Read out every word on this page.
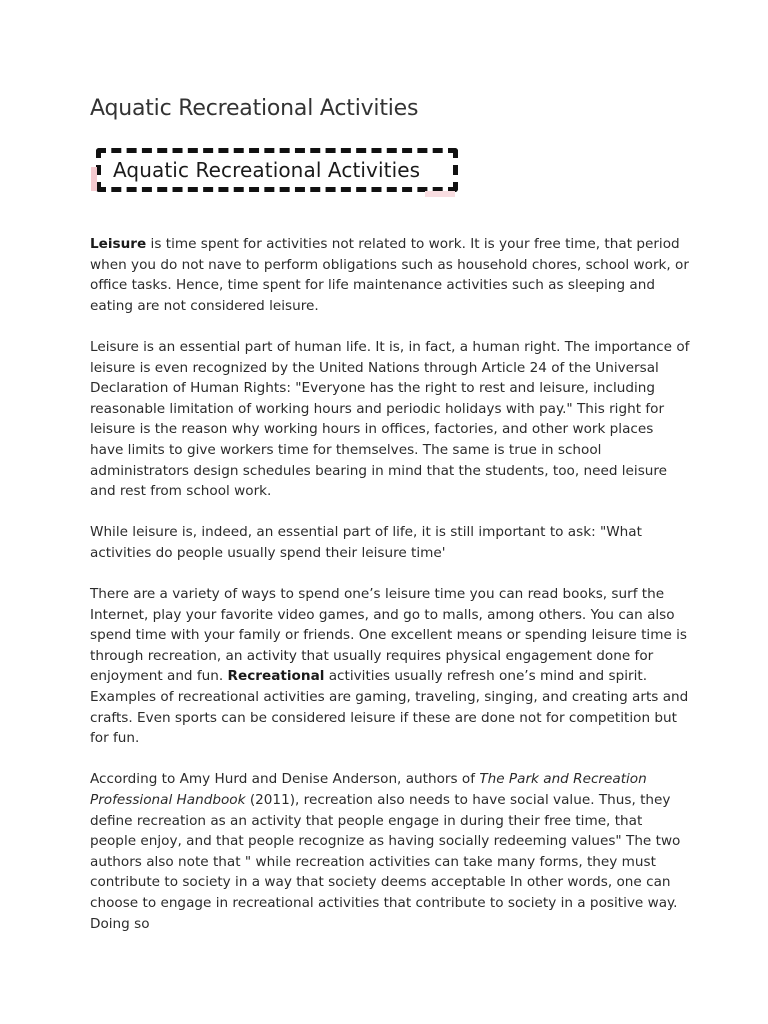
Aquatic Recreational Activities
Aquatic Recreational Activities

Leisure is time spent for activities not related to work. It is your free time, that period when you do not nave to perform obligations such as household chores, school work, or office tasks. Hence, time spent for life maintenance activities such as sleeping and eating are not considered leisure.

Leisure is an essential part of human life. It is, in fact, a human right. The importance of leisure is even recognized by the United Nations through Article 24 of the Universal Declaration of Human Rights: "Everyone has the right to rest and leisure, including reasonable limitation of working hours and periodic holidays with pay." This right for leisure is the reason why working hours in offices, factories, and other work places have limits to give workers time for themselves. The same is true in school administrators design schedules bearing in mind that the students, too, need leisure and rest from school work.

While leisure is, indeed, an essential part of life, it is still important to ask: "What activities do people usually spend their leisure time'

There are a variety of ways to spend one’s leisure time you can read books, surf the Internet, play your favorite video games, and go to malls, among others. You can also spend time with your family or friends. One excellent means or spending leisure time is through recreation, an activity that usually requires physical engagement done for enjoyment and fun. Recreational activities usually refresh one’s mind and spirit. Examples of recreational activities are gaming, traveling, singing, and creating arts and crafts. Even sports can be considered leisure if these are done not for competition but for fun.

According to Amy Hurd and Denise Anderson, authors of The Park and Recreation Professional Handbook (2011), recreation also needs to have social value. Thus, they define recreation as an activity that people engage in during their free time, that people enjoy, and that people recognize as having socially redeeming values" The two authors also note that " while recreation activities can take many forms, they must contribute to society in a way that society deems acceptable In other words, one can choose to engage in recreational activities that contribute to society in a positive way. Doing so
